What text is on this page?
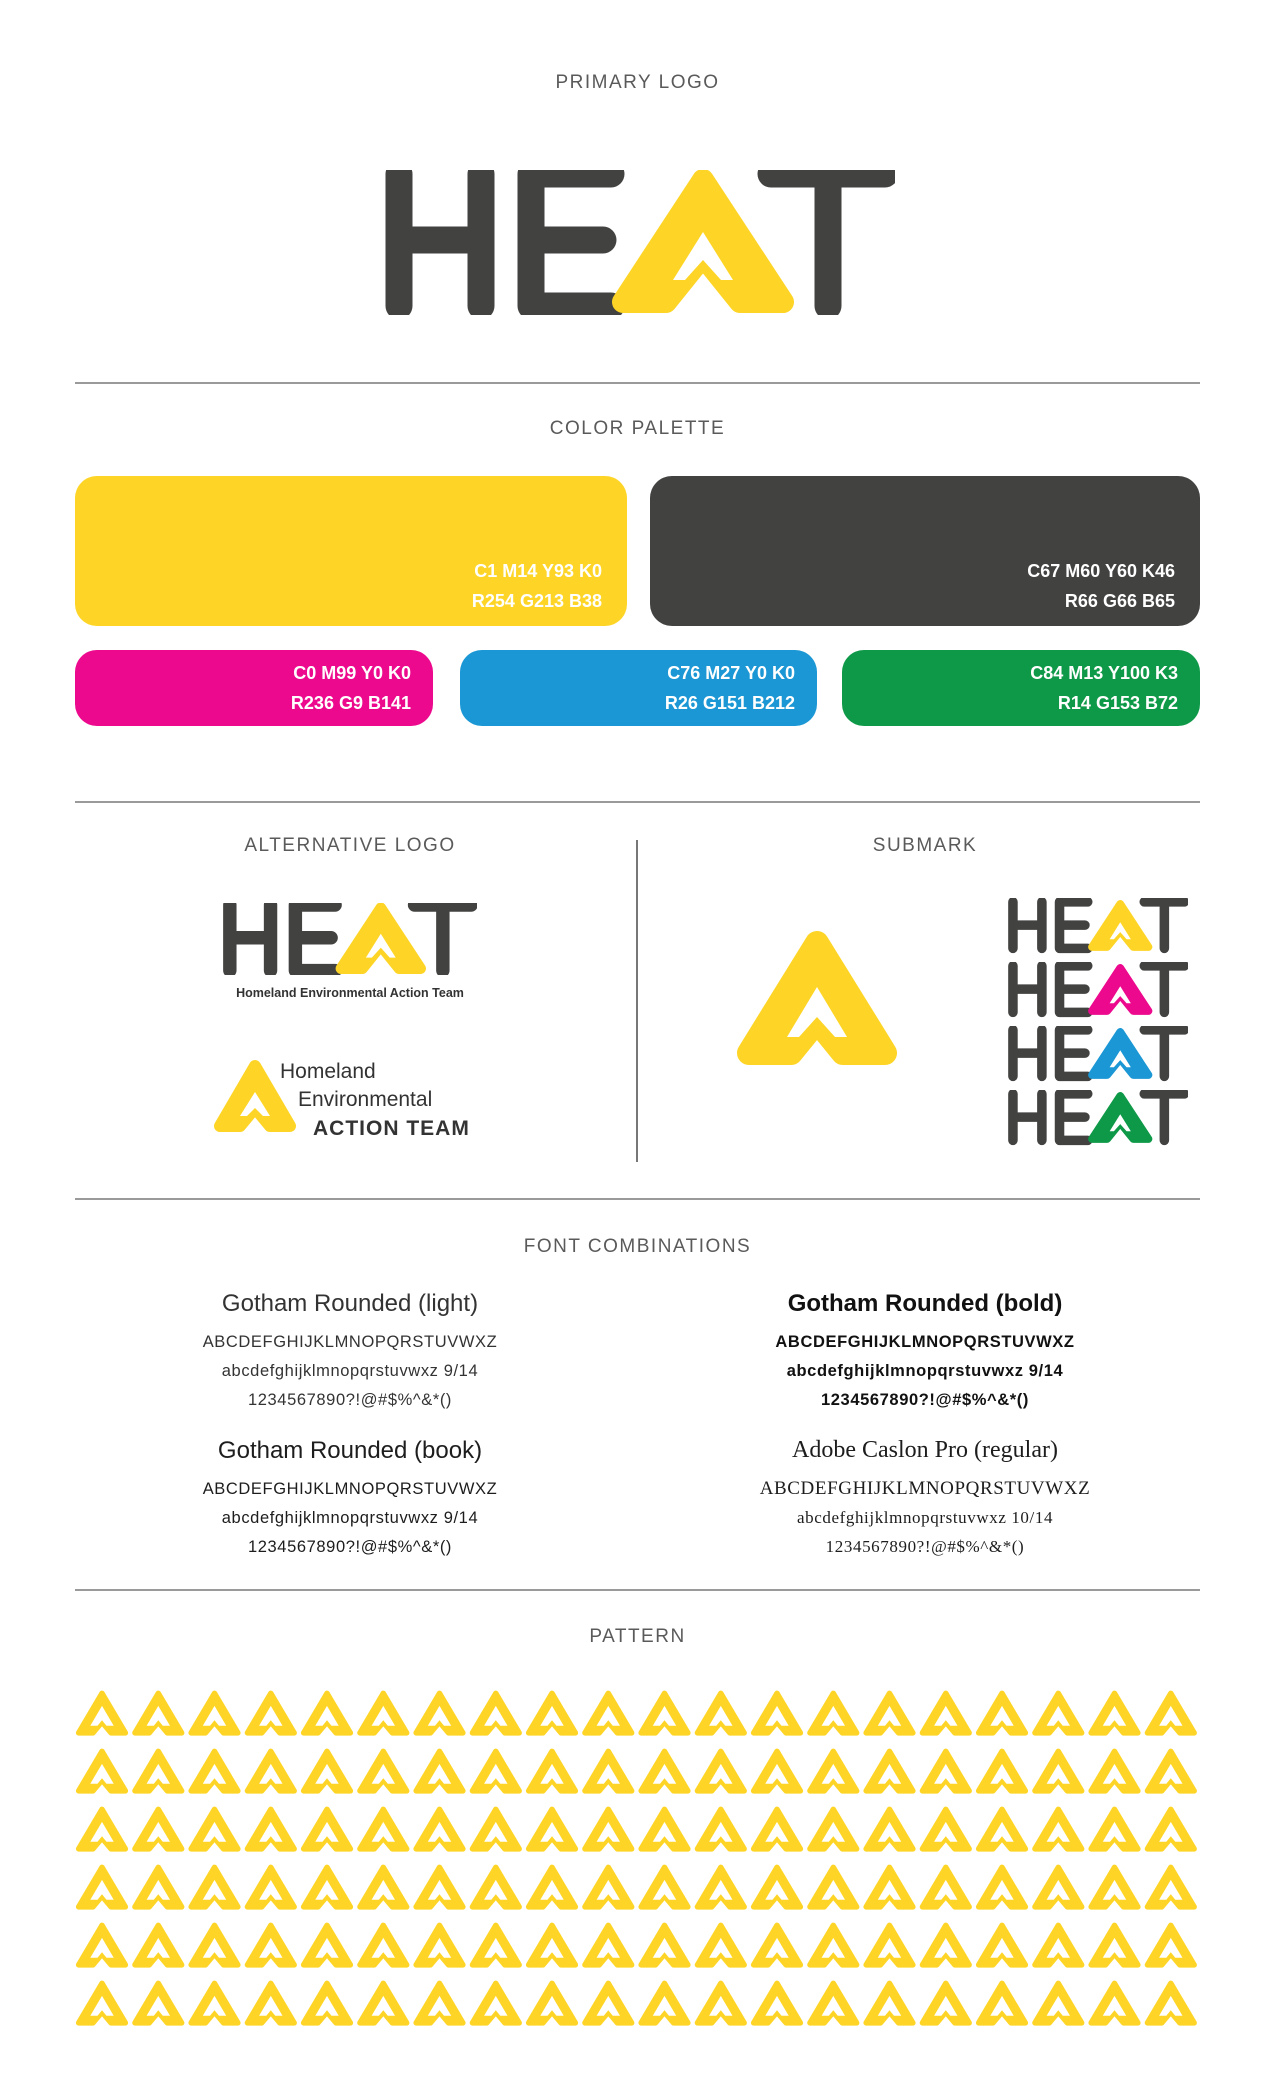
PRIMARY LOGO
COLOR PALETTE
C1 M14 Y93 K0
R254 G213 B38
C67 M60 Y60 K46
R66 G66 B65
C0 M99 Y0 K0
R236 G9 B141
C76 M27 Y0 K0
R26 G151 B212
C84 M13 Y100 K3
R14 G153 B72
ALTERNATIVE LOGO	SUBMARK
Homeland Environmental Action Team
Homeland
Environmental
ACTION TEAM
FONT COMBINATIONS
Gotham Rounded (light)
ABCDEFGHIJKLMNOPQRSTUVWXZ
abcdefghijklmnopqrstuvwxz 9/14
1234567890?!@#$%^&*()
Gotham Rounded (book)
ABCDEFGHIJKLMNOPQRSTUVWXZ
abcdefghijklmnopqrstuvwxz 9/14
1234567890?!@#$%^&*()
Gotham Rounded (bold)
ABCDEFGHIJKLMNOPQRSTUVWXZ
abcdefghijklmnopqrstuvwxz 9/14
1234567890?!@#$%^&*()
Adobe Caslon Pro (regular)
ABCDEFGHIJKLMNOPQRSTUVWXZ
abcdefghijklmnopqrstuvwxz 10/14
1234567890?!@#$%^&*()
PATTERN
